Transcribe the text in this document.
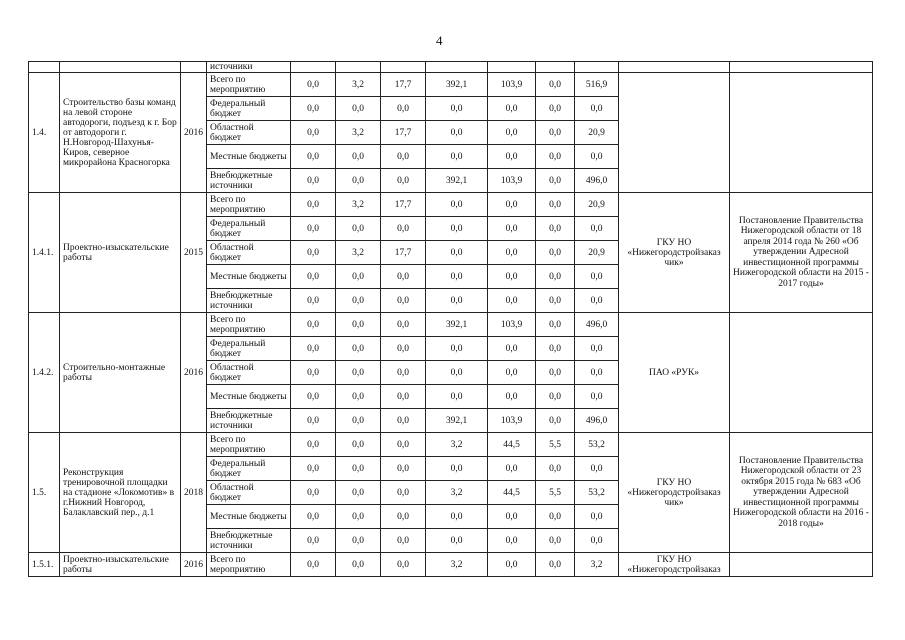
4
			источники									
1.4.	Строительство базы команд на левой стороне автодороги, подъезд к г. Бор от автодороги г. Н.Новгород-Шахунья-Киров, северное микрорайона Красногорка	2016	Всего по мероприятию	0,0	3,2	17,7	392,1	103,9	0,0	516,9		
			Федеральный бюджет	0,0	0,0	0,0	0,0	0,0	0,0	0,0		
			Областной бюджет	0,0	3,2	17,7	0,0	0,0	0,0	20,9		
			Местные бюджеты	0,0	0,0	0,0	0,0	0,0	0,0	0,0		
			Внебюджетные источники	0,0	0,0	0,0	392,1	103,9	0,0	496,0		
1.4.1.	Проектно-изыскательские работы	2015	Всего по мероприятию	0,0	3,2	17,7	0,0	0,0	0,0	20,9	ГКУ НО «Нижегородстройзаказ чик»	Постановление Правительства Нижегородской области от 18 апреля 2014 года № 260 «Об утверждении Адресной инвестиционной программы Нижегородской области на 2015 - 2017 годы»
			Федеральный бюджет	0,0	0,0	0,0	0,0	0,0	0,0	0,0		
			Областной бюджет	0,0	3,2	17,7	0,0	0,0	0,0	20,9		
			Местные бюджеты	0,0	0,0	0,0	0,0	0,0	0,0	0,0		
			Внебюджетные источники	0,0	0,0	0,0	0,0	0,0	0,0	0,0		
1.4.2.	Строительно-монтажные работы	2016	Всего по мероприятию	0,0	0,0	0,0	392,1	103,9	0,0	496,0	ПАО «РУК»	
			Федеральный бюджет	0,0	0,0	0,0	0,0	0,0	0,0	0,0		
			Областной бюджет	0,0	0,0	0,0	0,0	0,0	0,0	0,0		
			Местные бюджеты	0,0	0,0	0,0	0,0	0,0	0,0	0,0		
			Внебюджетные источники	0,0	0,0	0,0	392,1	103,9	0,0	496,0		
1.5.	Реконструкция тренировочной площадки на стадионе «Локомотив» в г.Нижний Новгород, Балаклавский пер., д.1	2018	Всего по мероприятию	0,0	0,0	0,0	3,2	44,5	5,5	53,2	ГКУ НО «Нижегородстройзаказ чик»	Постановление Правительства Нижегородской области от 23 октября 2015 года № 683 «Об утверждении Адресной инвестиционной программы Нижегородской области на 2016 - 2018 годы»
			Федеральный бюджет	0,0	0,0	0,0	0,0	0,0	0,0	0,0		
			Областной бюджет	0,0	0,0	0,0	3,2	44,5	5,5	53,2		
			Местные бюджеты	0,0	0,0	0,0	0,0	0,0	0,0	0,0		
			Внебюджетные источники	0,0	0,0	0,0	0,0	0,0	0,0	0,0		
1.5.1.	Проектно-изыскательские работы	2016	Всего по мероприятию	0,0	0,0	0,0	3,2	0,0	0,0	3,2	ГКУ НО «Нижегородстройзаказ	
